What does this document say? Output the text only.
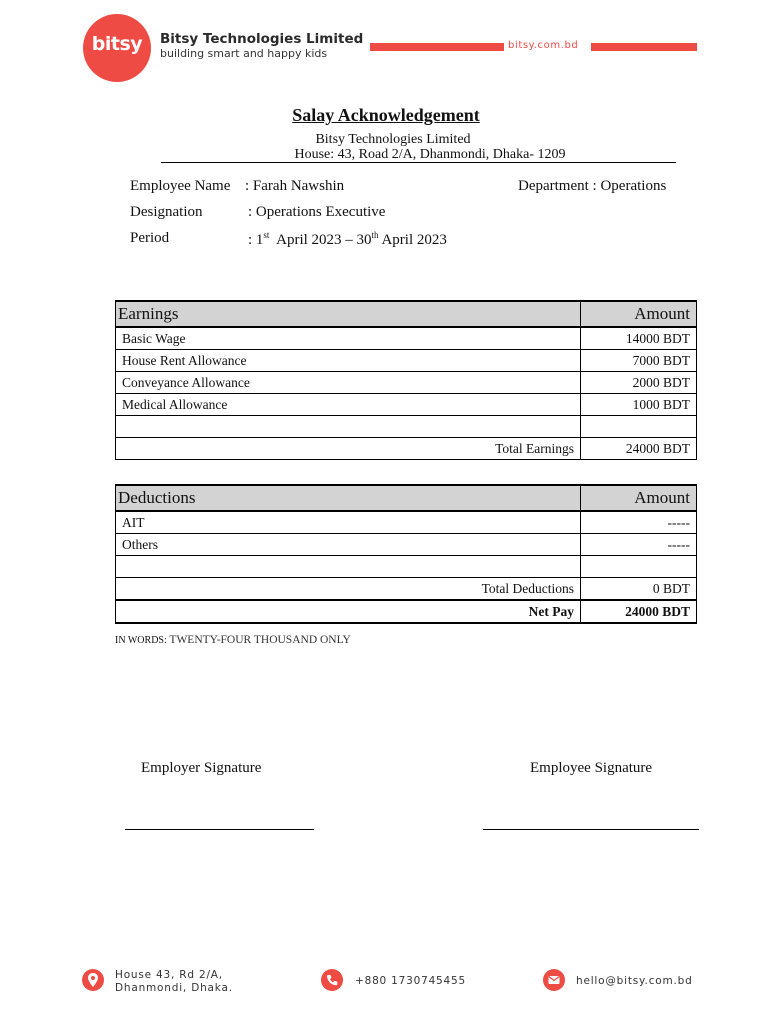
bitsy	Bitsy Technologies Limited
building smart and happy kids
bitsy.com.bd
Salay Acknowledgement
Bitsy Technologies Limited
House: 43, Road 2/A, Dhanmondi, Dhaka- 1209
Employee Name : Farah Nawshin	Department : Operations
Designation	: Operations Executive
Period	: 1st  April 2023 – 30th April 2023
Earnings	Amount
Basic Wage	14000 BDT
House Rent Allowance	7000 BDT
Conveyance Allowance	2000 BDT
Medical Allowance	1000 BDT

Total Earnings	24000 BDT
Deductions	Amount
AIT	-----
Others	-----

Total Deductions	0 BDT
Net Pay	24000 BDT
IN WORDS: TWENTY-FOUR THOUSAND ONLY
Employer Signature	Employee Signature
House 43, Rd 2/A,
Dhanmondi, Dhaka.
+880 1730745455	hello@bitsy.com.bd
